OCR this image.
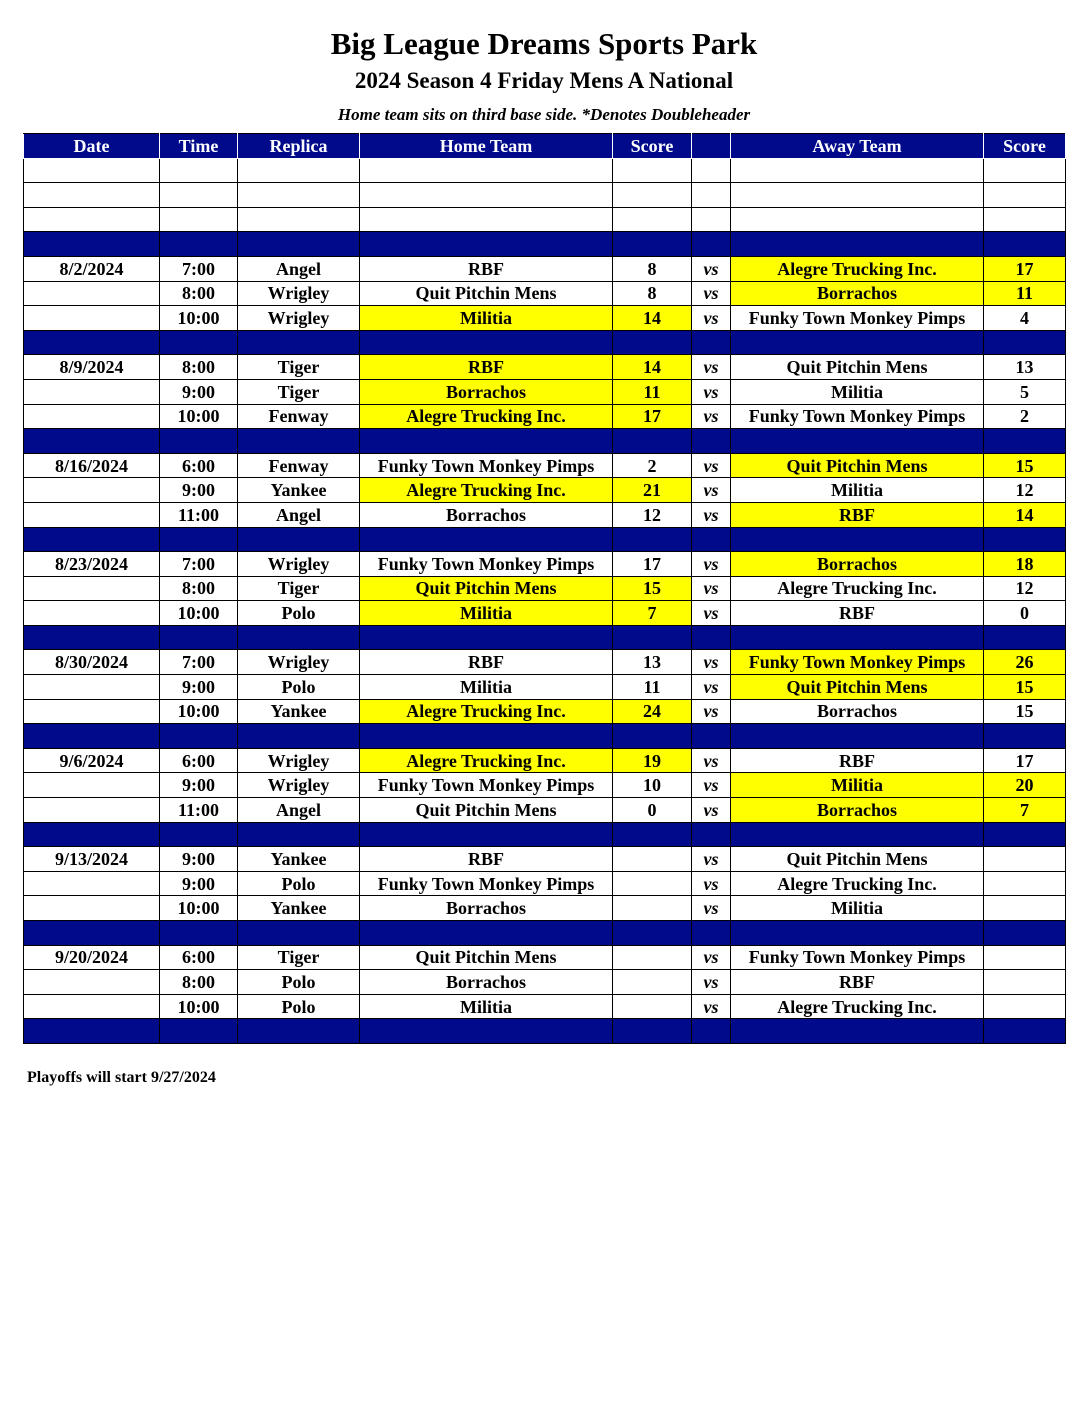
Big League Dreams Sports Park
2024 Season 4 Friday Mens A National
Home team sits on third base side. *Denotes Doubleheader
Date	Time	Replica	Home Team	Score		Away Team	Score

8/2/2024	7:00	Angel	RBF	8	vs	Alegre Trucking Inc.	17
	8:00	Wrigley	Quit Pitchin Mens	8	vs	Borrachos	11
	10:00	Wrigley	Militia	14	vs	Funky Town Monkey Pimps	4

8/9/2024	8:00	Tiger	RBF	14	vs	Quit Pitchin Mens	13
	9:00	Tiger	Borrachos	11	vs	Militia	5
	10:00	Fenway	Alegre Trucking Inc.	17	vs	Funky Town Monkey Pimps	2

8/16/2024	6:00	Fenway	Funky Town Monkey Pimps	2	vs	Quit Pitchin Mens	15
	9:00	Yankee	Alegre Trucking Inc.	21	vs	Militia	12
	11:00	Angel	Borrachos	12	vs	RBF	14

8/23/2024	7:00	Wrigley	Funky Town Monkey Pimps	17	vs	Borrachos	18
	8:00	Tiger	Quit Pitchin Mens	15	vs	Alegre Trucking Inc.	12
	10:00	Polo	Militia	7	vs	RBF	0

8/30/2024	7:00	Wrigley	RBF	13	vs	Funky Town Monkey Pimps	26
	9:00	Polo	Militia	11	vs	Quit Pitchin Mens	15
	10:00	Yankee	Alegre Trucking Inc.	24	vs	Borrachos	15

9/6/2024	6:00	Wrigley	Alegre Trucking Inc.	19	vs	RBF	17
	9:00	Wrigley	Funky Town Monkey Pimps	10	vs	Militia	20
	11:00	Angel	Quit Pitchin Mens	0	vs	Borrachos	7

9/13/2024	9:00	Yankee	RBF		vs	Quit Pitchin Mens	
	9:00	Polo	Funky Town Monkey Pimps		vs	Alegre Trucking Inc.	
	10:00	Yankee	Borrachos		vs	Militia	

9/20/2024	6:00	Tiger	Quit Pitchin Mens		vs	Funky Town Monkey Pimps	
	8:00	Polo	Borrachos		vs	RBF	
	10:00	Polo	Militia		vs	Alegre Trucking Inc.	

Playoffs will start 9/27/2024
